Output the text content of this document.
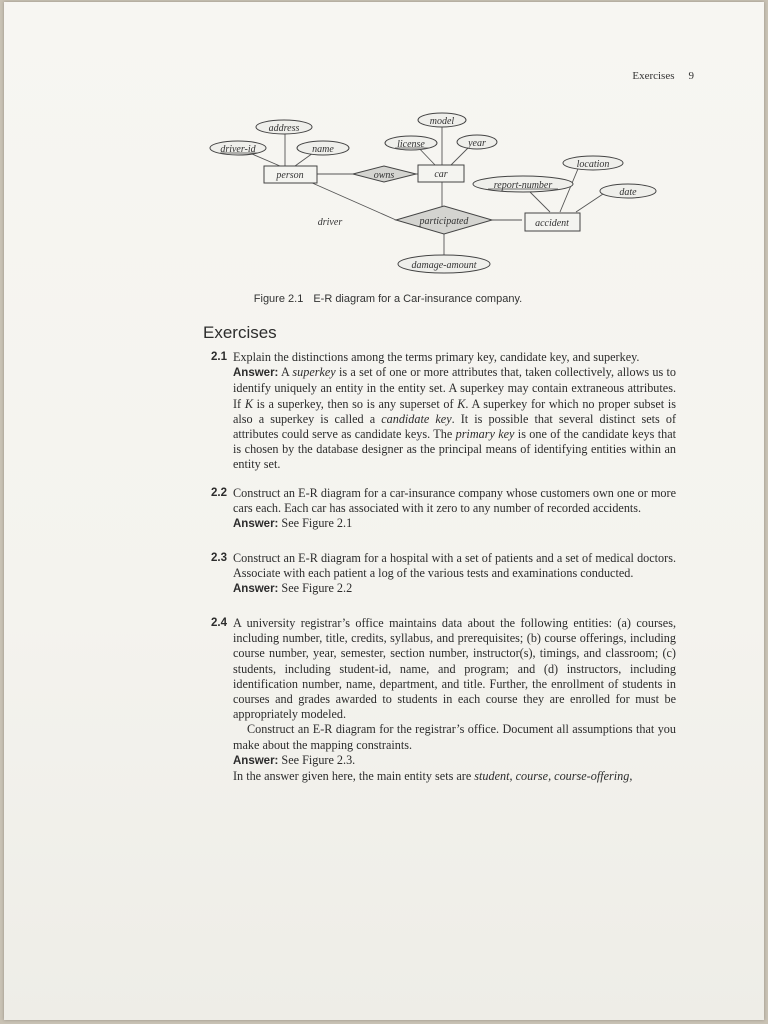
Exercises 9
address
driver-id	name
model
license	year
location
report-number
date
damage-amount
person	car
accident
owns
participated
driver
Figure 2.1 E-R diagram for a Car-insurance company.
Exercises
2.1 Explain the distinctions among the terms primary key, candidate key, and superkey.

Answer: A superkey is a set of one or more attributes that, taken collectively, allows us to identify uniquely an entity in the entity set. A superkey may contain extraneous attributes. If K is a superkey, then so is any superset of K. A superkey for which no proper subset is also a superkey is called a candidate key. It is possible that several distinct sets of attributes could serve as candidate keys. The primary key is one of the candidate keys that is chosen by the database designer as the principal means of identifying entities within an entity set.

2.2 Construct an E-R diagram for a car-insurance company whose customers own one or more cars each. Each car has associated with it zero to any number of recorded accidents.

Answer: See Figure 2.1

2.3 Construct an E-R diagram for a hospital with a set of patients and a set of medical doctors. Associate with each patient a log of the various tests and examinations conducted.

Answer: See Figure 2.2

2.4 A university registrar’s office maintains data about the following entities: (a) courses, including number, title, credits, syllabus, and prerequisites; (b) course offerings, including course number, year, semester, section number, instructor(s), timings, and classroom; (c) students, including student-id, name, and program; and (d) instructors, including identification number, name, department, and title. Further, the enrollment of students in courses and grades awarded to students in each course they are enrolled for must be appropriately modeled.

Construct an E-R diagram for the registrar’s office. Document all assumptions that you make about the mapping constraints.

Answer: See Figure 2.3.

In the answer given here, the main entity sets are student, course, course-offering,
